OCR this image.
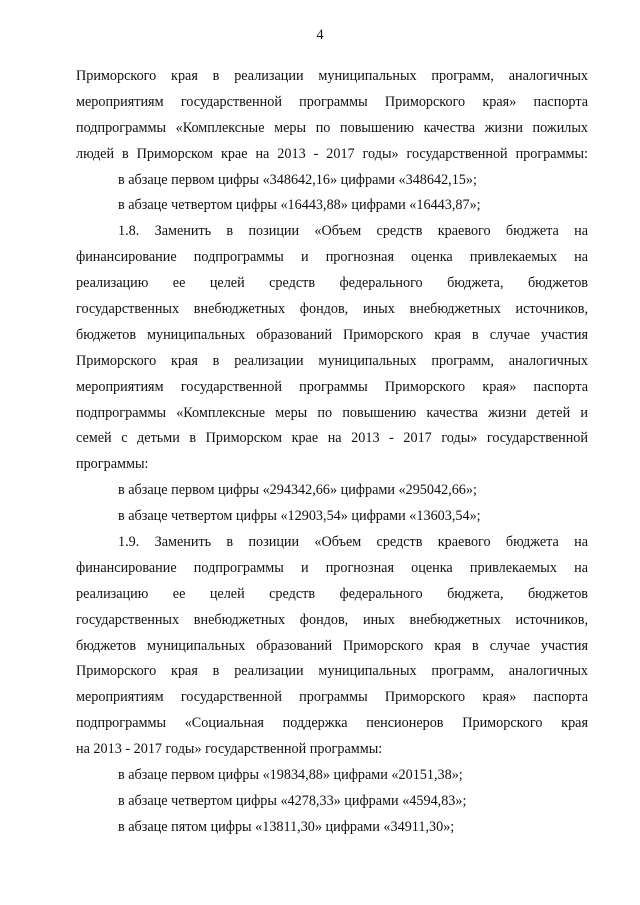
4
Приморского края в реализации муниципальных программ, аналогичных
мероприятиям государственной программы Приморского края» паспорта
подпрограммы «Комплексные меры по повышению качества жизни пожилых
людей в Приморском крае на 2013 - 2017 годы» государственной программы:
в абзаце первом цифры «348642,16» цифрами «348642,15»;
в абзаце четвертом цифры «16443,88» цифрами «16443,87»;
1.8. Заменить в позиции «Объем средств краевого бюджета на
финансирование подпрограммы и прогнозная оценка привлекаемых на
реализацию ее целей средств федерального бюджета, бюджетов
государственных внебюджетных фондов, иных внебюджетных источников,
бюджетов муниципальных образований Приморского края в случае участия
Приморского края в реализации муниципальных программ, аналогичных
мероприятиям государственной программы Приморского края» паспорта
подпрограммы «Комплексные меры по повышению качества жизни детей и
семей с детьми в Приморском крае на 2013 - 2017 годы» государственной
программы:
в абзаце первом цифры «294342,66» цифрами «295042,66»;
в абзаце четвертом цифры «12903,54» цифрами «13603,54»;
1.9. Заменить в позиции «Объем средств краевого бюджета на
финансирование подпрограммы и прогнозная оценка привлекаемых на
реализацию ее целей средств федерального бюджета, бюджетов
государственных внебюджетных фондов, иных внебюджетных источников,
бюджетов муниципальных образований Приморского края в случае участия
Приморского края в реализации муниципальных программ, аналогичных
мероприятиям государственной программы Приморского края» паспорта
подпрограммы «Социальная поддержка пенсионеров Приморского края
на 2013 - 2017 годы» государственной программы:
в абзаце первом цифры «19834,88» цифрами «20151,38»;
в абзаце четвертом цифры «4278,33» цифрами «4594,83»;
в абзаце пятом цифры «13811,30» цифрами «34911,30»;
